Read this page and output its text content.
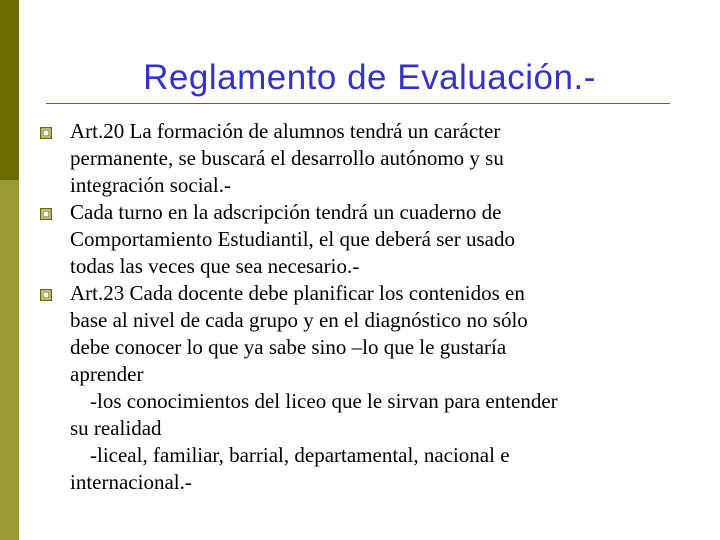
Reglamento de Evaluación.-
Art.20 La formación de alumnos tendrá un carácter
permanente, se buscará el desarrollo autónomo y su
integración social.-
Cada turno en la adscripción tendrá un cuaderno de
Comportamiento Estudiantil, el que deberá ser usado
todas las veces que sea necesario.-
Art.23 Cada docente debe planificar los contenidos en
base al nivel de cada grupo y en el diagnóstico no sólo
debe conocer lo que ya sabe sino –lo que le gustaría
aprender
-los conocimientos del liceo que le sirvan para entender
su realidad
-liceal, familiar, barrial, departamental, nacional e
internacional.-
